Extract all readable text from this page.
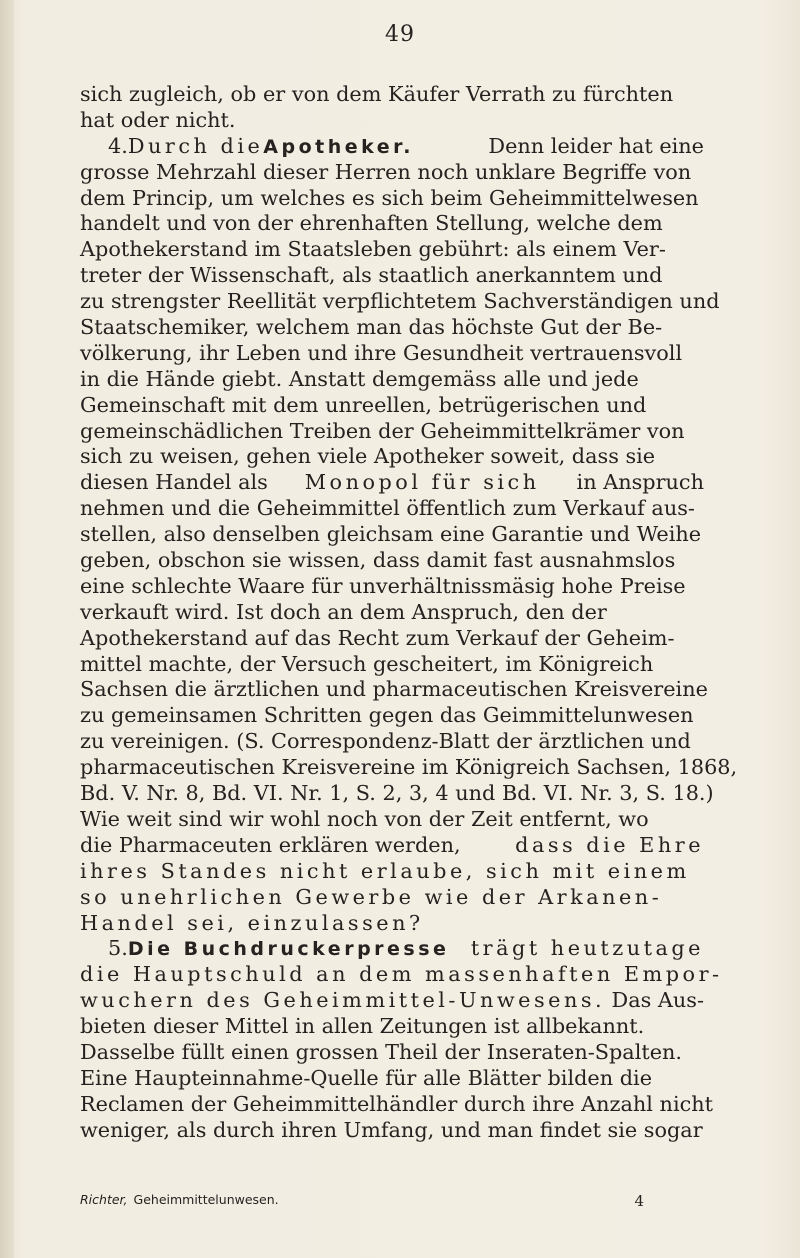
49
sich zugleich, ob er von dem Käufer Verrath zu fürchten
hat oder nicht.
4.Durch dieApotheker.	Denn leider hat eine
grosse Mehrzahl dieser Herren noch unklare Begriffe von
dem Princip, um welches es sich beim Geheimmittelwesen
handelt und von der ehrenhaften Stellung, welche dem
Apothekerstand im Staatsleben gebührt: als einem Ver-
treter der Wissenschaft, als staatlich anerkanntem und
zu strengster Reellität verpflichtetem Sachverständigen und
Staatschemiker, welchem man das höchste Gut der Be-
völkerung, ihr Leben und ihre Gesundheit vertrauensvoll
in die Hände giebt. Anstatt demgemäss alle und jede
Gemeinschaft mit dem unreellen, betrügerischen und
gemeinschädlichen Treiben der Geheimmittelkrämer von
sich zu weisen, gehen viele Apotheker soweit, dass sie
diesen Handel als Monopol für sich in Anspruch
nehmen und die Geheimmittel öffentlich zum Verkauf aus-
stellen, also denselben gleichsam eine Garantie und Weihe
geben, obschon sie wissen, dass damit fast ausnahmslos
eine schlechte Waare für unverhältnissmäsig hohe Preise
verkauft wird. Ist doch an dem Anspruch, den der
Apothekerstand auf das Recht zum Verkauf der Geheim-
mittel machte, der Versuch gescheitert, im Königreich
Sachsen die ärztlichen und pharmaceutischen Kreisvereine
zu gemeinsamen Schritten gegen das Geimmittelunwesen
zu vereinigen. (S. Correspondenz-Blatt der ärztlichen und
pharmaceutischen Kreisvereine im Königreich Sachsen, 1868,
Bd. V. Nr. 8, Bd. VI. Nr. 1, S. 2, 3, 4 und Bd. VI. Nr. 3, S. 18.)
Wie weit sind wir wohl noch von der Zeit entfernt, wo
die Pharmaceuten erklären werden,	dass die Ehre
ihres Standes nicht erlaube, sich mit einem
so unehrlichen Gewerbe wie der Arkanen-
Handel sei, einzulassen?
5.Die Buchdruckerpresse trägt heutzutage
die Hauptschuld an dem massenhaften Empor-
wuchern des Geheimmittel-Unwesens. Das Aus-
bieten dieser Mittel in allen Zeitungen ist allbekannt.
Dasselbe füllt einen grossen Theil der Inseraten-Spalten.
Eine Haupteinnahme-Quelle für alle Blätter bilden die
Reclamen der Geheimmittelhändler durch ihre Anzahl nicht
weniger, als durch ihren Umfang, und man findet sie sogar
Richter, Geheimmittelunwesen.	4
